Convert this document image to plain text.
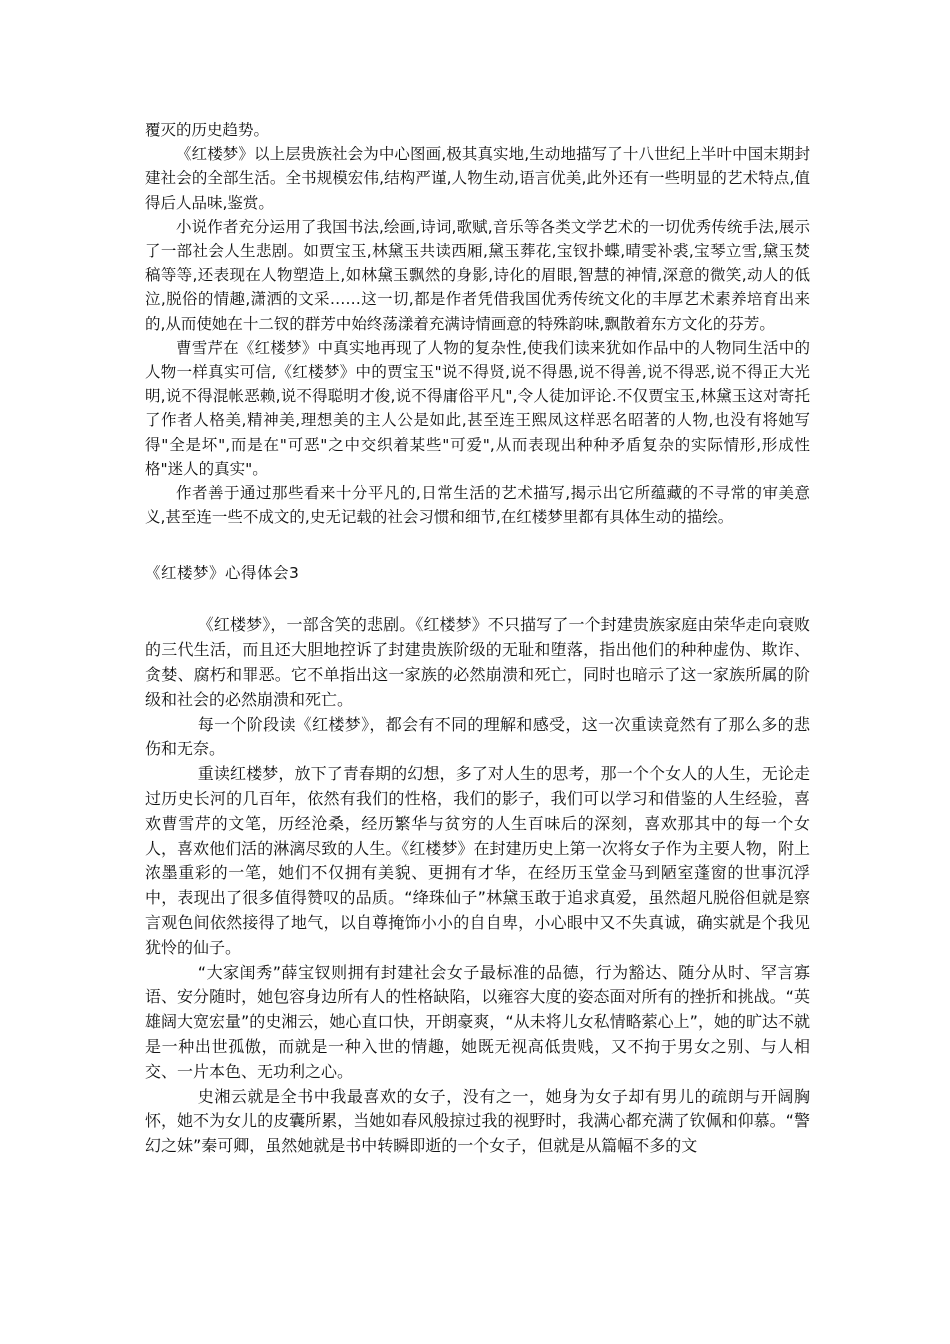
覆灭的历史趋势。

《红楼梦》以上层贵族社会为中心图画,极其真实地,生动地描写了十八世纪上半叶中国末期封建社会的全部生活。全书规模宏伟,结构严谨,人物生动,语言优美,此外还有一些明显的艺术特点,值得后人品味,鉴赏。

小说作者充分运用了我国书法,绘画,诗词,歌赋,音乐等各类文学艺术的一切优秀传统手法,展示了一部社会人生悲剧。如贾宝玉,林黛玉共读西厢,黛玉葬花,宝钗扑蝶,晴雯补裘,宝琴立雪,黛玉焚稿等等,还表现在人物塑造上,如林黛玉飘然的身影,诗化的眉眼,智慧的神情,深意的微笑,动人的低泣,脱俗的情趣,潇洒的文采……这一切,都是作者凭借我国优秀传统文化的丰厚艺术素养培育出来的,从而使她在十二钗的群芳中始终荡漾着充满诗情画意的特殊韵味,飘散着东方文化的芬芳。

曹雪芹在《红楼梦》中真实地再现了人物的复杂性,使我们读来犹如作品中的人物同生活中的人物一样真实可信,《红楼梦》中的贾宝玉"说不得贤,说不得愚,说不得善,说不得恶,说不得正大光明,说不得混帐恶赖,说不得聪明才俊,说不得庸俗平凡",令人徒加评论.不仅贾宝玉,林黛玉这对寄托了作者人格美,精神美,理想美的主人公是如此,甚至连王熙凤这样恶名昭著的人物,也没有将她写得"全是坏",而是在"可恶"之中交织着某些"可爱",从而表现出种种矛盾复杂的实际情形,形成性格"迷人的真实"。

作者善于通过那些看来十分平凡的,日常生活的艺术描写,揭示出它所蕴藏的不寻常的审美意义,甚至连一些不成文的,史无记载的社会习惯和细节,在红楼梦里都有具体生动的描绘。

《红楼梦》心得体会3

《红楼梦》，一部含笑的悲剧。《红楼梦》不只描写了一个封建贵族家庭由荣华走向衰败的三代生活，而且还大胆地控诉了封建贵族阶级的无耻和堕落，指出他们的种种虚伪、欺诈、贪婪、腐朽和罪恶。它不单指出这一家族的必然崩溃和死亡，同时也暗示了这一家族所属的阶级和社会的必然崩溃和死亡。

每一个阶段读《红楼梦》，都会有不同的理解和感受，这一次重读竟然有了那么多的悲伤和无奈。

重读红楼梦，放下了青春期的幻想，多了对人生的思考，那一个个女人的人生，无论走过历史长河的几百年，依然有我们的性格，我们的影子，我们可以学习和借鉴的人生经验，喜欢曹雪芹的文笔，历经沧桑，经历繁华与贫穷的人生百味后的深刻，喜欢那其中的每一个女人，喜欢他们活的淋漓尽致的人生。《红楼梦》在封建历史上第一次将女子作为主要人物，附上浓墨重彩的一笔，她们不仅拥有美貌、更拥有才华，在经历玉堂金马到陋室蓬窗的世事沉浮中，表现出了很多值得赞叹的品质。“绛珠仙子”林黛玉敢于追求真爱，虽然超凡脱俗但就是察言观色间依然接得了地气，以自尊掩饰小小的自自卑，小心眼中又不失真诚，确实就是个我见犹怜的仙子。

“大家闺秀”薛宝钗则拥有封建社会女子最标准的品德，行为豁达、随分从时、罕言寡语、安分随时，她包容身边所有人的性格缺陷，以雍容大度的姿态面对所有的挫折和挑战。“英雄阔大宽宏量”的史湘云，她心直口快，开朗豪爽，“从未将儿女私情略萦心上”，她的旷达不就是一种出世孤傲，而就是一种入世的情趣，她既无视高低贵贱，又不拘于男女之别、与人相交、一片本色、无功利之心。

史湘云就是全书中我最喜欢的女子，没有之一，她身为女子却有男儿的疏朗与开阔胸怀，她不为女儿的皮囊所累，当她如春风般掠过我的视野时，我满心都充满了钦佩和仰慕。“警幻之妹”秦可卿，虽然她就是书中转瞬即逝的一个女子，但就是从篇幅不多的文
